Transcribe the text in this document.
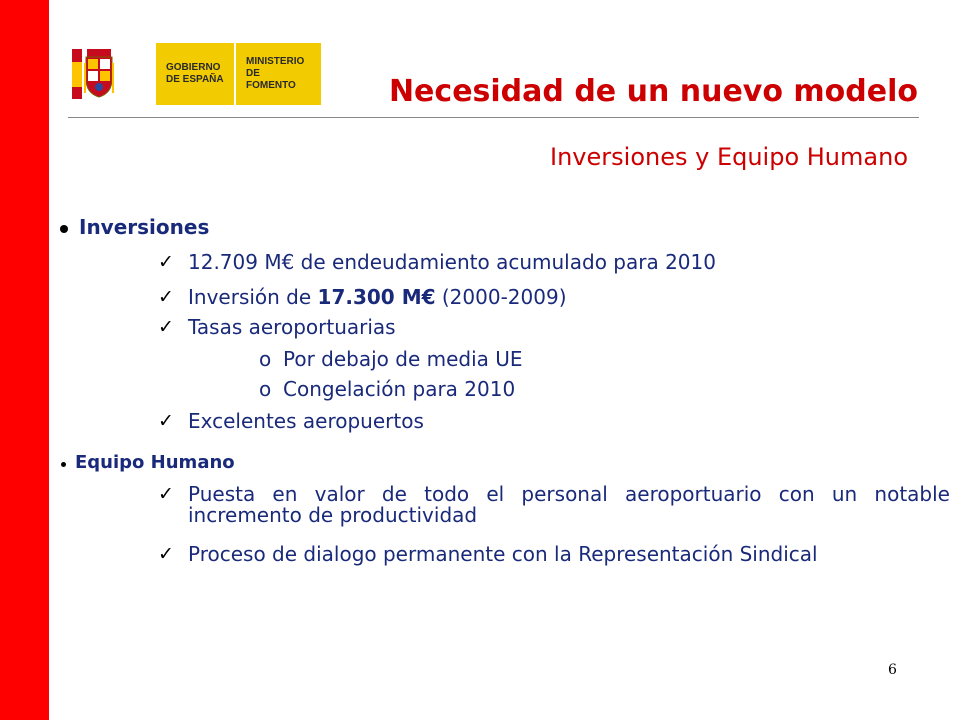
GOBIERNO
DE ESPAÑA
MINISTERIO
DE FOMENTO	Necesidad de un nuevo modelo
Inversiones y Equipo Humano
Inversiones
✓ 12.709 M€ de endeudamiento acumulado para 2010
✓ Inversión de 17.300 M€ (2000-2009)
✓ Tasas aeroportuarias
o Por debajo de media UE
o Congelación para 2010
✓ Excelentes aeropuertos
Equipo Humano
✓ Puesta en valor de todo el personal aeroportuario con un notable incremento de productividad
✓ Proceso de dialogo permanente con la Representación Sindical
6
